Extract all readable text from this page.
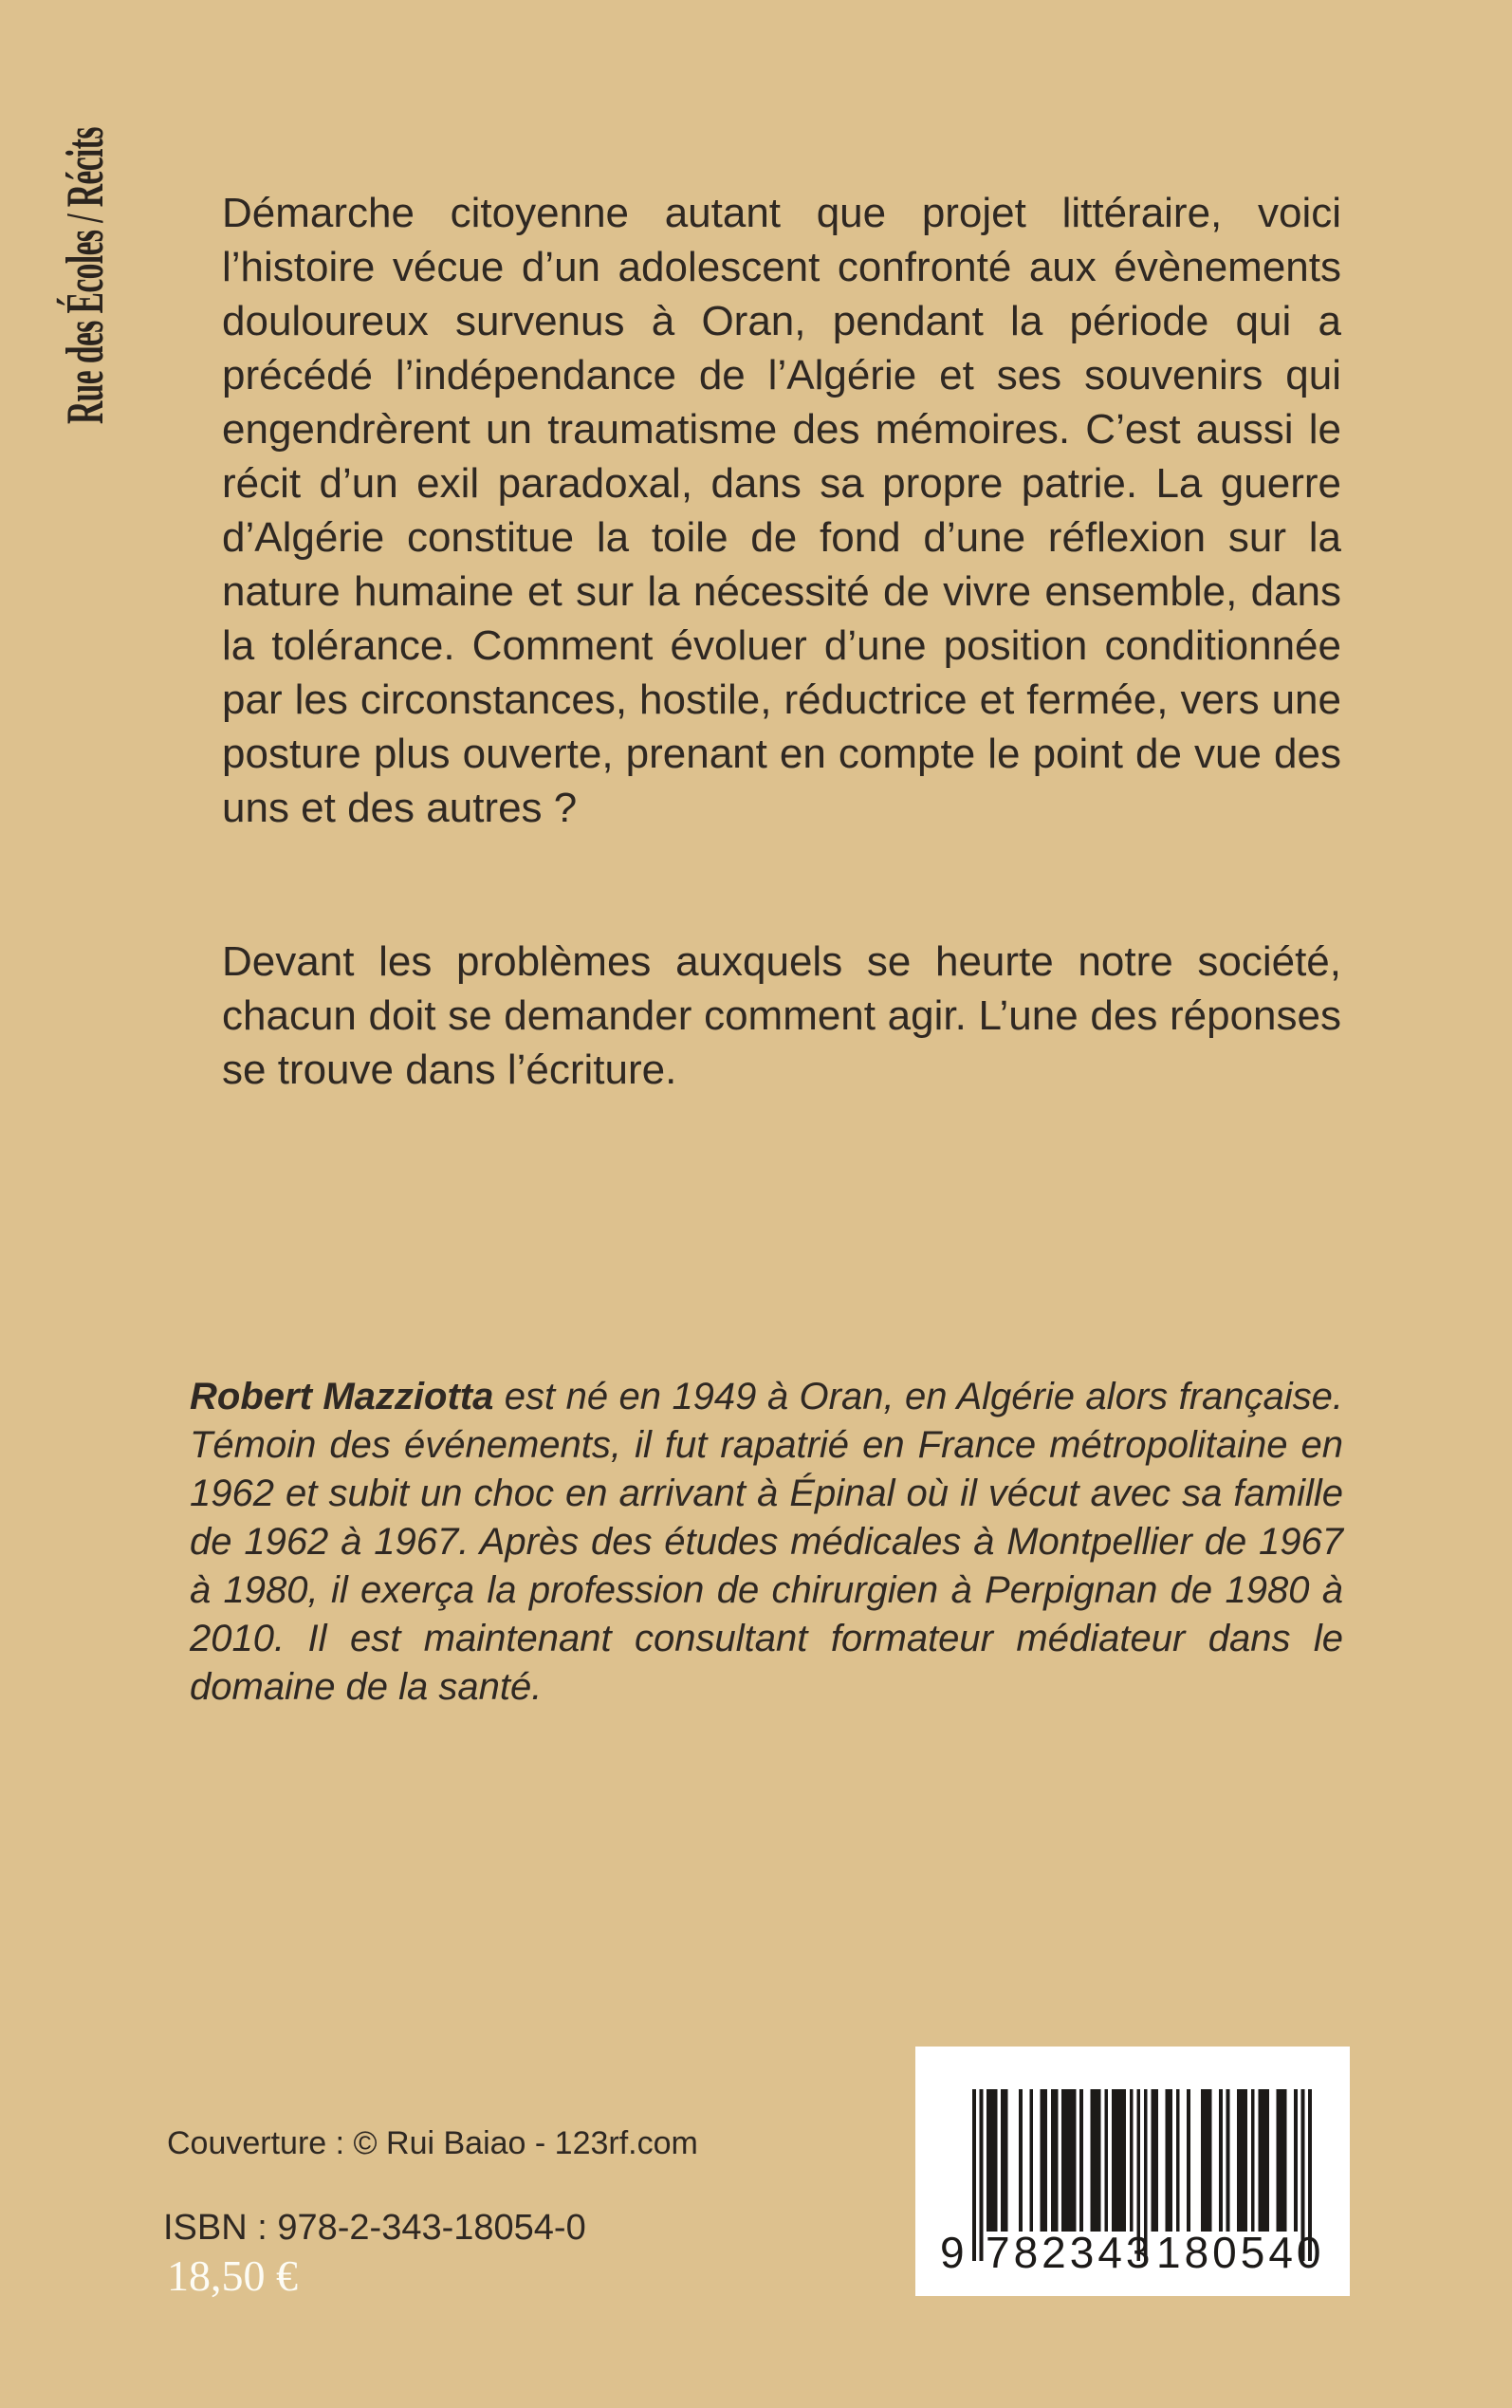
Rue des Écoles / Récits	Démarche citoyenne autant que projet littéraire, voici l’histoire vécue d’un adolescent confronté aux évènements douloureux survenus à Oran, pendant la période qui a précédé l’indépendance de l’Algérie et ses souvenirs qui engendrèrent un traumatisme des mémoires. C’est aussi le récit d’un exil paradoxal, dans sa propre patrie. La guerre d’Algérie constitue la toile de fond d’une réflexion sur la nature humaine et sur la nécessité de vivre ensemble, dans la tolérance. Comment évoluer d’une position conditionnée par les circonstances, hostile, réductrice et fermée, vers une posture plus ouverte, prenant en compte le point de vue des uns et des autres ?

Devant les problèmes auxquels se heurte notre société, chacun doit se demander comment agir. L’une des réponses se trouve dans l’écriture.

Robert Mazziotta est né en 1949 à Oran, en Algérie alors française. Témoin des événements, il fut rapatrié en France métropolitaine en 1962 et subit un choc en arrivant à Épinal où il vécut avec sa famille de 1962 à 1967. Après des études médicales à Montpellier de 1967 à 1980, il exerça la profession de chirurgien à Perpignan de 1980 à 2010. Il est maintenant consultant formateur médiateur dans le domaine de la santé.
Couverture : © Rui Baiao - 123rf.com
ISBN : 978-2-343-18054-0
18,50 €	9 782343 180540
